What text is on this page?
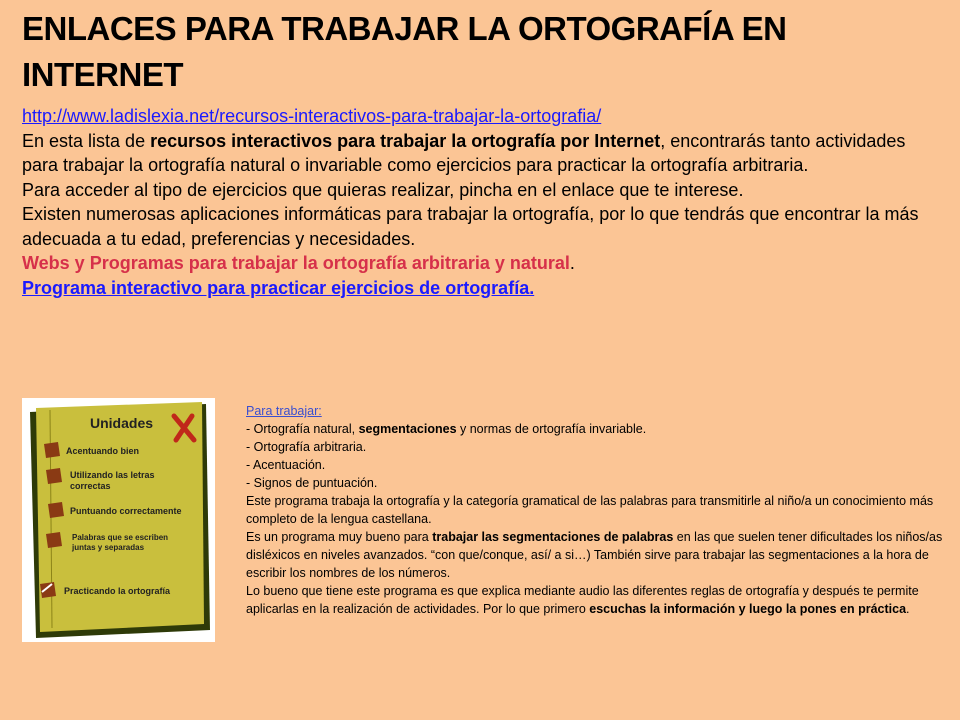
ENLACES PARA TRABAJAR LA ORTOGRAFÍA EN INTERNET

http://www.ladislexia.net/recursos-interactivos-para-trabajar-la-ortografia/

En esta lista de recursos interactivos para trabajar la ortografía por Internet, encontrarás tanto actividades para trabajar la ortografía natural o invariable como ejercicios para practicar la ortografía arbitraria.

Para acceder al tipo de ejercicios que quieras realizar, pincha en el enlace que te interese.

Existen numerosas aplicaciones informáticas para trabajar la ortografía, por lo que tendrás que encontrar la más adecuada a tu edad, preferencias y necesidades.

Webs y Programas para trabajar la ortografía arbitraria y natural.

Programa interactivo para practicar ejercicios de ortografía.

Unidades
Acentuando bien
Utilizando las letras
correctas
Puntuando correctamente
Palabras que se escriben
juntas y separadas
Practicando la ortografía

Para trabajar:

- Ortografía natural, segmentaciones y normas de ortografía invariable.

- Ortografía arbitraria.

- Acentuación.

- Signos de puntuación.

Este programa trabaja la ortografía y la categoría gramatical de las palabras para transmitirle al niño/a un conocimiento más completo de la lengua castellana.

Es un programa muy bueno para trabajar las segmentaciones de palabras en las que suelen tener dificultades los niños/as disléxicos en niveles avanzados. “con que/conque, así/ a si…) También sirve para trabajar las segmentaciones a la hora de escribir los nombres de los números.

Lo bueno que tiene este programa es que explica mediante audio las diferentes reglas de ortografía y después te permite aplicarlas en la realización de actividades. Por lo que primero escuchas la información y luego la pones en práctica.
